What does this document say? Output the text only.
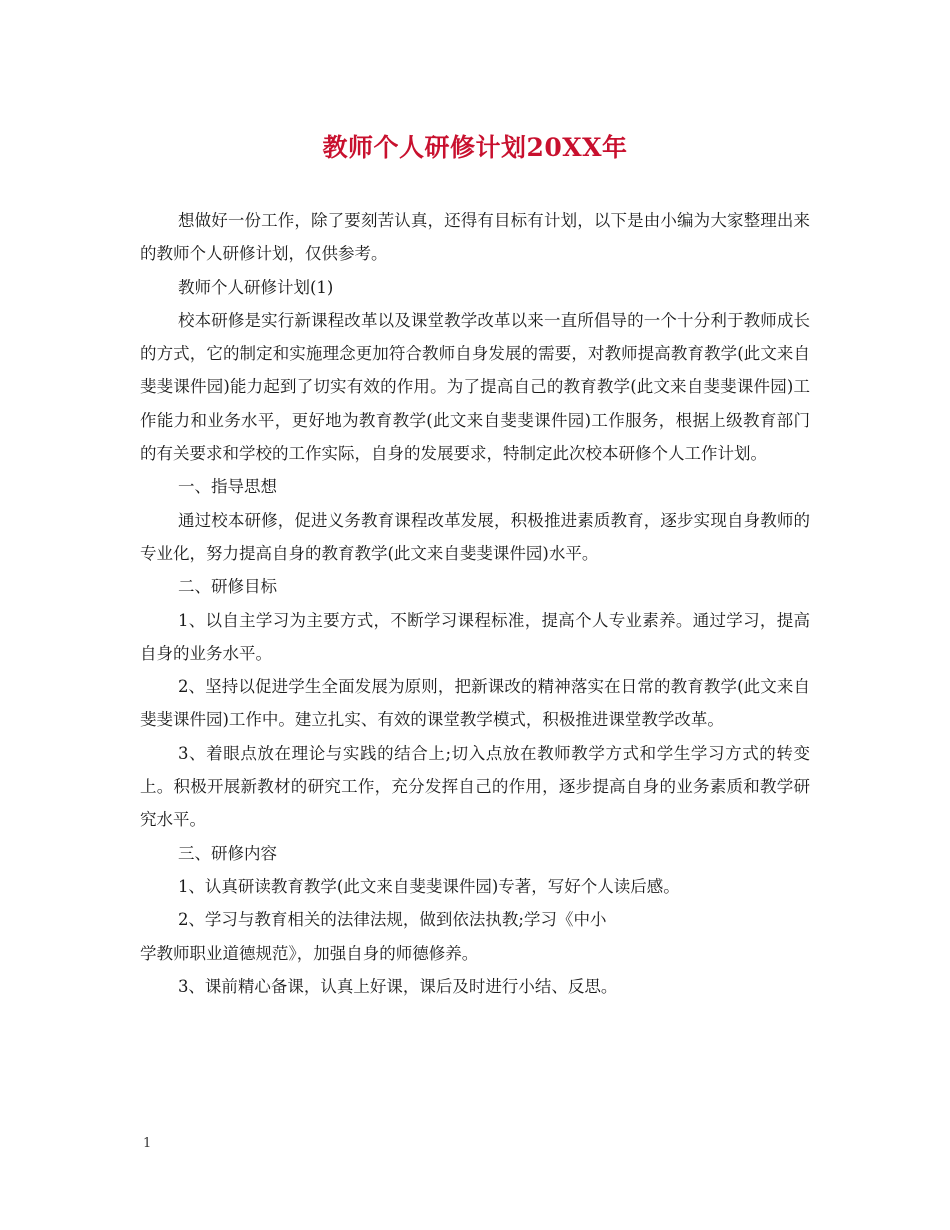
教师个人研修计划20XX年

想做好一份工作，除了要刻苦认真，还得有目标有计划，以下是由小编为大家整理出来的教师个人研修计划，仅供参考。

教师个人研修计划(1)

校本研修是实行新课程改革以及课堂教学改革以来一直所倡导的一个十分利于教师成长的方式，它的制定和实施理念更加符合教师自身发展的需要，对教师提高教育教学(此文来自斐斐课件园)能力起到了切实有效的作用。为了提高自己的教育教学(此文来自斐斐课件园)工作能力和业务水平，更好地为教育教学(此文来自斐斐课件园)工作服务，根据上级教育部门的有关要求和学校的工作实际，自身的发展要求，特制定此次校本研修个人工作计划。

一、指导思想

通过校本研修，促进义务教育课程改革发展，积极推进素质教育，逐步实现自身教师的专业化，努力提高自身的教育教学(此文来自斐斐课件园)水平。

二、研修目标

1、以自主学习为主要方式，不断学习课程标准，提高个人专业素养。通过学习，提高自身的业务水平。

2、坚持以促进学生全面发展为原则，把新课改的精神落实在日常的教育教学(此文来自斐斐课件园)工作中。建立扎实、有效的课堂教学模式，积极推进课堂教学改革。

3、着眼点放在理论与实践的结合上;切入点放在教师教学方式和学生学习方式的转变上。积极开展新教材的研究工作，充分发挥自己的作用，逐步提高自身的业务素质和教学研究水平。

三、研修内容

1、认真研读教育教学(此文来自斐斐课件园)专著，写好个人读后感。

2、学习与教育相关的法律法规，做到依法执教;学习《中小

学教师职业道德规范》，加强自身的师德修养。

3、课前精心备课，认真上好课，课后及时进行小结、反思。

1
